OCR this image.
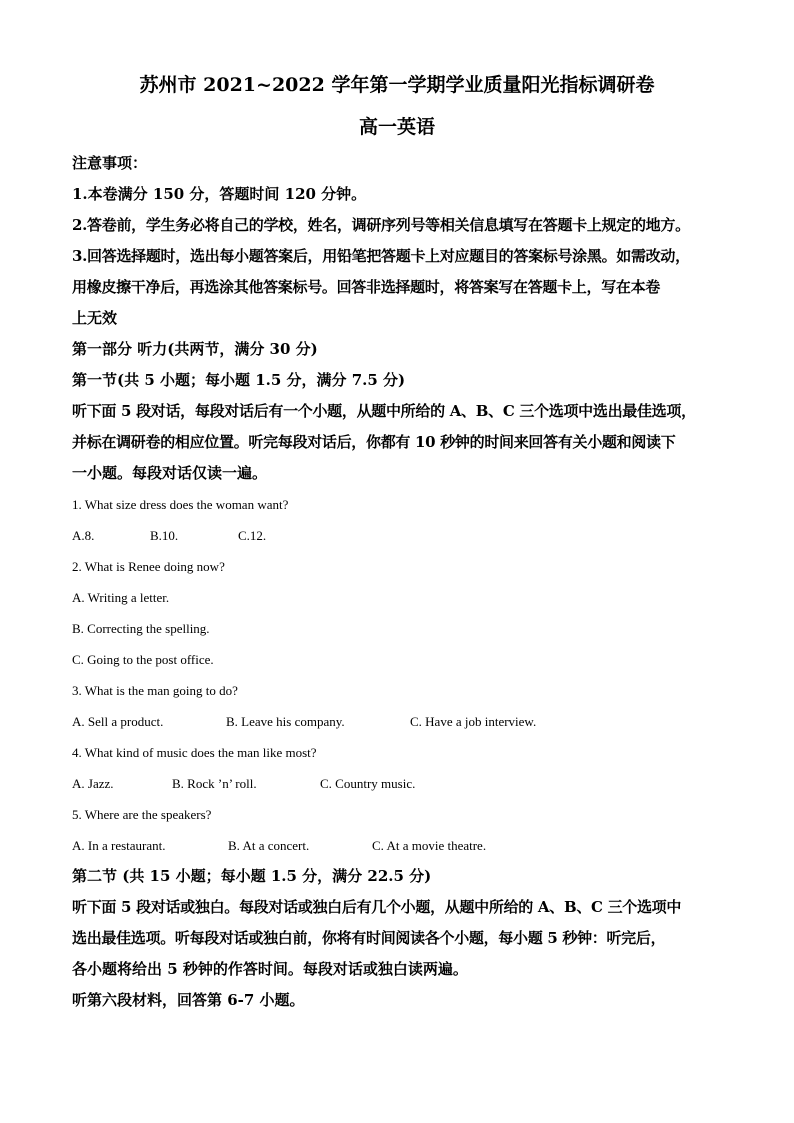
苏州市 2021~2022 学年第一学期学业质量阳光指标调研卷
高一英语

注意事项：

1.本卷满分 150 分，答题时间 120 分钟。

2.答卷前，学生务必将自己的学校，姓名，调研序列号等相关信息填写在答题卡上规定的地方。

3.回答选择题时，选出每小题答案后，用铅笔把答题卡上对应题目的答案标号涂黑。如需改动，

用橡皮擦干净后，再选涂其他答案标号。回答非选择题时，将答案写在答题卡上，写在本卷

上无效

第一部分 听力(共两节，满分 30 分)

第一节(共 5 小题；每小题 1.5 分，满分 7.5 分)

听下面 5 段对话，每段对话后有一个小题，从题中所给的 A、B、C 三个选项中选出最佳选项，

并标在调研卷的相应位置。听完每段对话后，你都有 10 秒钟的时间来回答有关小题和阅读下

一小题。每段对话仅读一遍。

1. What size dress does the woman want?

A.8.	B.10.	C.12.

2. What is Renee doing now?

A. Writing a letter.

B. Correcting the spelling.

C. Going to the post office.

3. What is the man going to do?

A. Sell a product.	B. Leave his company.	C. Have a job interview.

4. What kind of music does the man like most?

A. Jazz.	B. Rock ’n’ roll.	C. Country music.

5. Where are the speakers?

A. In a restaurant.	B. At a concert.	C. At a movie theatre.

第二节 (共 15 小题；每小题 1.5 分，满分 22.5 分)

听下面 5 段对话或独白。每段对话或独白后有几个小题，从题中所给的 A、B、C 三个选项中

选出最佳选项。听每段对话或独白前，你将有时间阅读各个小题，每小题 5 秒钟：听完后，

各小题将给出 5 秒钟的作答时间。每段对话或独白读两遍。

听第六段材料，回答第 6-7 小题。
